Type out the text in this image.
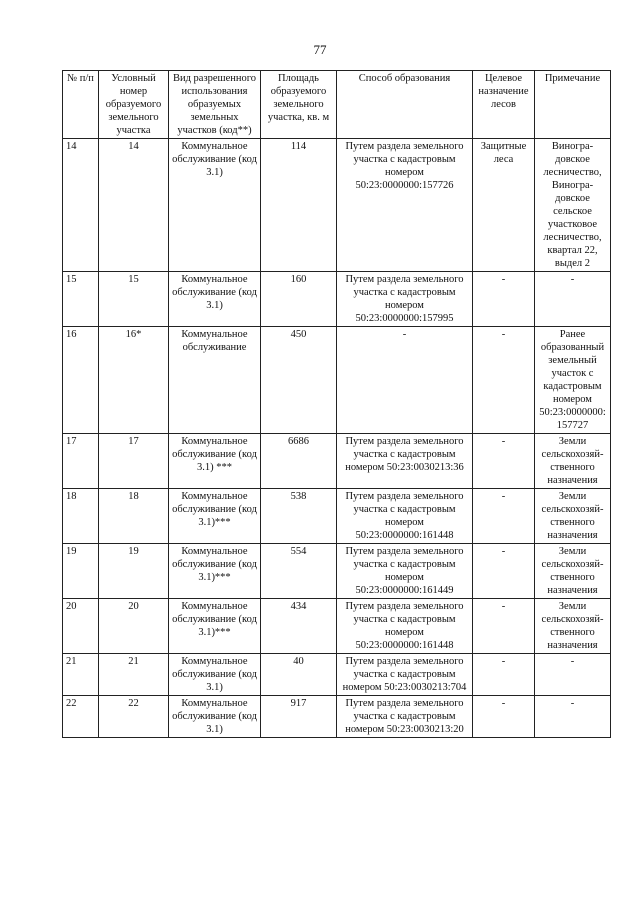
77
№ п/п	Условный номер образуемого земельного участка	Вид разрешенного использования образуемых земельных участков (код**)	Площадь образуемого земельного участка, кв. м	Способ образования	Целевое назначение лесов	Примечание
14	14	Коммунальное обслуживание (код 3.1)	114	Путем раздела земельного участка с кадастровым номером 50:23:0000000:157726	Защитные леса	Виногра-довское лесничество, Виногра-довское сельское участковое лесничество, квартал 22, выдел 2
15	15	Коммунальное обслуживание (код 3.1)	160	Путем раздела земельного участка с кадастровым номером 50:23:0000000:157995	-	-
16	16*	Коммунальное обслуживание	450	-	-	Ранее образованный земельный участок с кадастровым номером 50:23:0000000: 157727
17	17	Коммунальное обслуживание (код 3.1) ***	6686	Путем раздела земельного участка с кадастровым номером 50:23:0030213:36	-	Земли сельскохозяй-ственного назначения
18	18	Коммунальное обслуживание (код 3.1)***	538	Путем раздела земельного участка с кадастровым номером 50:23:0000000:161448	-	Земли сельскохозяй-ственного назначения
19	19	Коммунальное обслуживание (код 3.1)***	554	Путем раздела земельного участка с кадастровым номером 50:23:0000000:161449	-	Земли сельскохозяй-ственного назначения
20	20	Коммунальное обслуживание (код 3.1)***	434	Путем раздела земельного участка с кадастровым номером 50:23:0000000:161448	-	Земли сельскохозяй-ственного назначения
21	21	Коммунальное обслуживание (код 3.1)	40	Путем раздела земельного участка с кадастровым номером 50:23:0030213:704	-	-
22	22	Коммунальное обслуживание (код 3.1)	917	Путем раздела земельного участка с кадастровым номером 50:23:0030213:20	-	-
